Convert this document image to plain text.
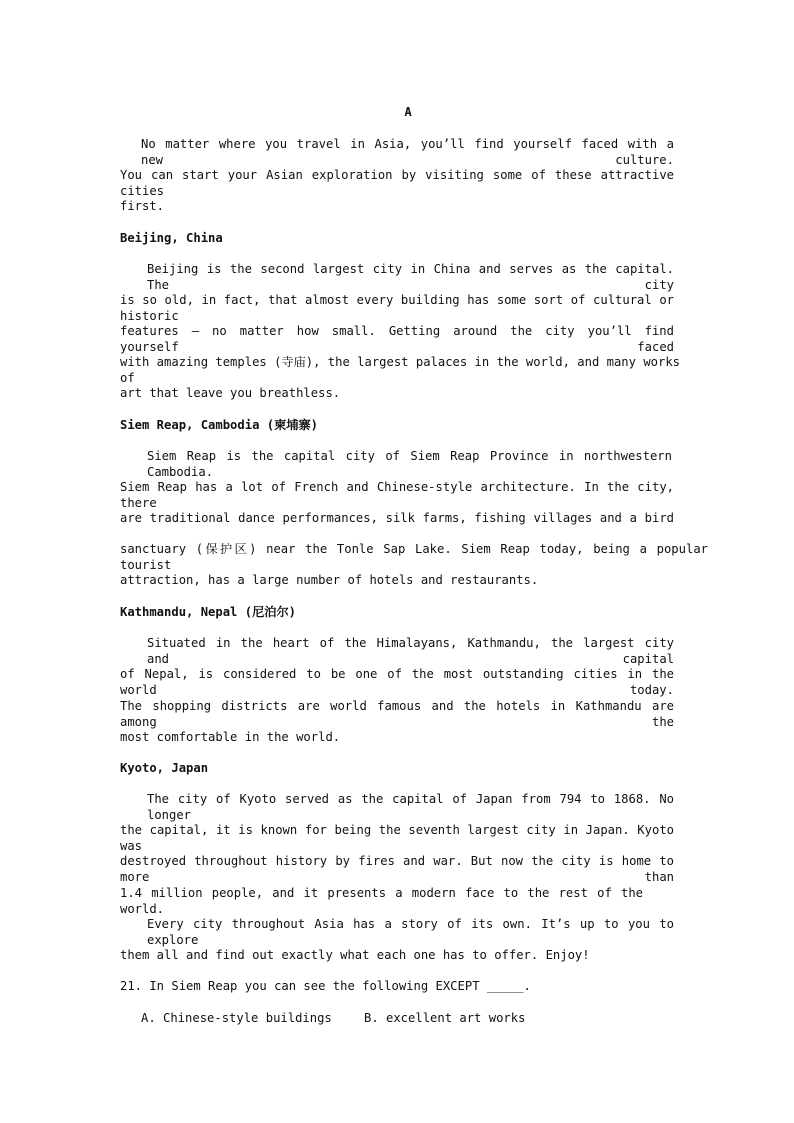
A
No matter where you travel in Asia, you’ll find yourself faced with a new culture.
You can start your Asian exploration by visiting some of these attractive cities
first.
Beijing, China
Beijing is the second largest city in China and serves as the capital. The city
is so old, in fact, that almost every building has some sort of cultural or historic
features — no matter how small. Getting around the city you’ll find yourself faced
with amazing temples (寺庙), the largest palaces in the world, and many works of
art that leave you breathless.
Siem Reap, Cambodia (柬埔寨)
Siem Reap is the capital city of Siem Reap Province in northwestern Cambodia.
Siem Reap has a lot of French and Chinese-style architecture. In the city, there
are traditional dance performances, silk farms, fishing villages and a bird
sanctuary (保护区) near the Tonle Sap Lake. Siem Reap today, being a popular tourist
attraction, has a large number of hotels and restaurants.
Kathmandu, Nepal (尼泊尔)
Situated in the heart of the Himalayans, Kathmandu, the largest city and capital
of Nepal, is considered to be one of the most outstanding cities in the world today.
The shopping districts are world famous and the hotels in Kathmandu are among the
most comfortable in the world.
Kyoto, Japan
The city of Kyoto served as the capital of Japan from 794 to 1868. No longer
the capital, it is known for being the seventh largest city in Japan. Kyoto was
destroyed throughout history by fires and war. But now the city is home to more than
1.4 million people, and it presents a modern face to the rest of the world.
Every city throughout Asia has a story of its own. It’s up to you to explore
them all and find out exactly what each one has to offer. Enjoy!
21. In Siem Reap you can see the following EXCEPT _____.
A. Chinese-style buildings	B. excellent art works
